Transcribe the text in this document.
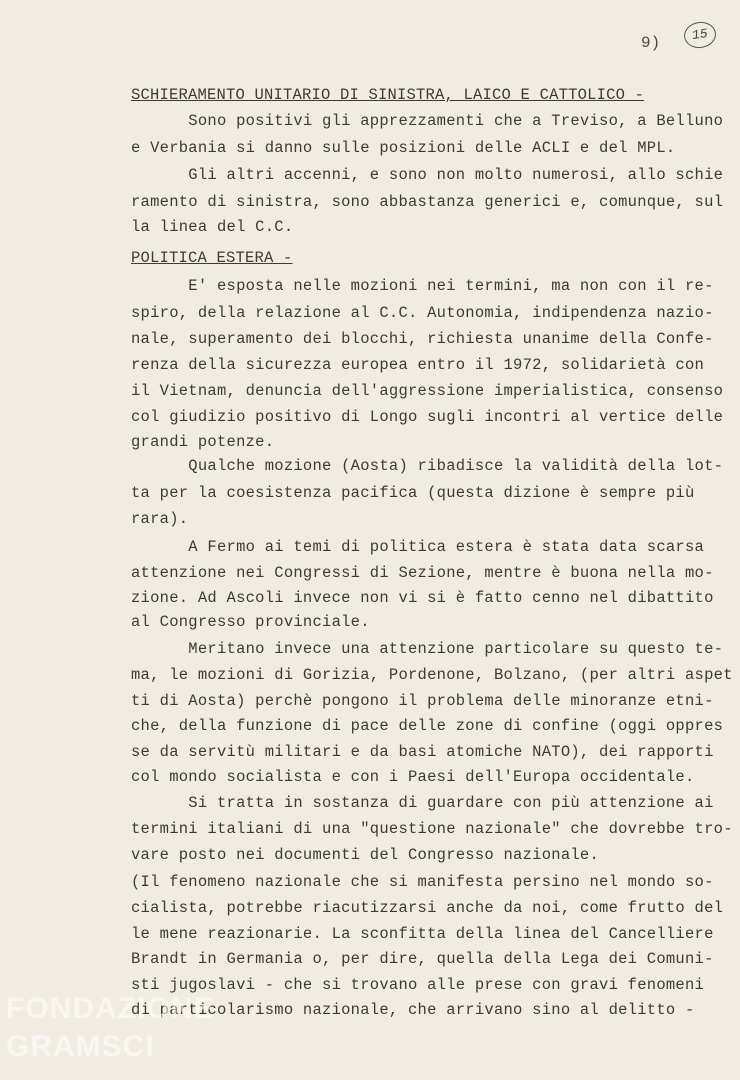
9)	15
SCHIERAMENTO UNITARIO DI SINISTRA, LAICO E CATTOLICO -

Sono positivi gli apprezzamenti che a Treviso, a Belluno

e Verbania si danno sulle posizioni delle ACLI e del MPL.

Gli altri accenni, e sono non molto numerosi, allo schie

ramento di sinistra, sono abbastanza generici e, comunque, sul

la linea del C.C.

POLITICA ESTERA -

E' esposta nelle mozioni nei termini, ma non con il re-

spiro, della relazione al C.C. Autonomia, indipendenza nazio-

nale, superamento dei blocchi, richiesta unanime della Confe-

renza della sicurezza europea entro il 1972, solidarietà con

il Vietnam, denuncia dell'aggressione imperialistica, consenso

col giudizio positivo di Longo sugli incontri al vertice delle

grandi potenze.

Qualche mozione (Aosta) ribadisce la validità della lot-

ta per la coesistenza pacifica (questa dizione è sempre più

rara).

A Fermo ai temi di politica estera è stata data scarsa

attenzione nei Congressi di Sezione, mentre è buona nella mo-

zione. Ad Ascoli invece non vi si è fatto cenno nel dibattito

al Congresso provinciale.

Meritano invece una attenzione particolare su questo te-

ma, le mozioni di Gorizia, Pordenone, Bolzano, (per altri aspet

ti di Aosta) perchè pongono il problema delle minoranze etni-

che, della funzione di pace delle zone di confine (oggi oppres

se da servitù militari e da basi atomiche NATO), dei rapporti

col mondo socialista e con i Paesi dell'Europa occidentale.

Si tratta in sostanza di guardare con più attenzione ai

termini italiani di una "questione nazionale" che dovrebbe tro-

vare posto nei documenti del Congresso nazionale.

(Il fenomeno nazionale che si manifesta persino nel mondo so-

cialista, potrebbe riacutizzarsi anche da noi, come frutto del

le mene reazionarie. La sconfitta della linea del Cancelliere

Brandt in Germania o, per dire, quella della Lega dei Comuni-

sti jugoslavi - che si trovano alle prese con gravi fenomeni

di particolarismo nazionale, che arrivano sino al delitto -

FONDAZIONE
GRAMSCI
